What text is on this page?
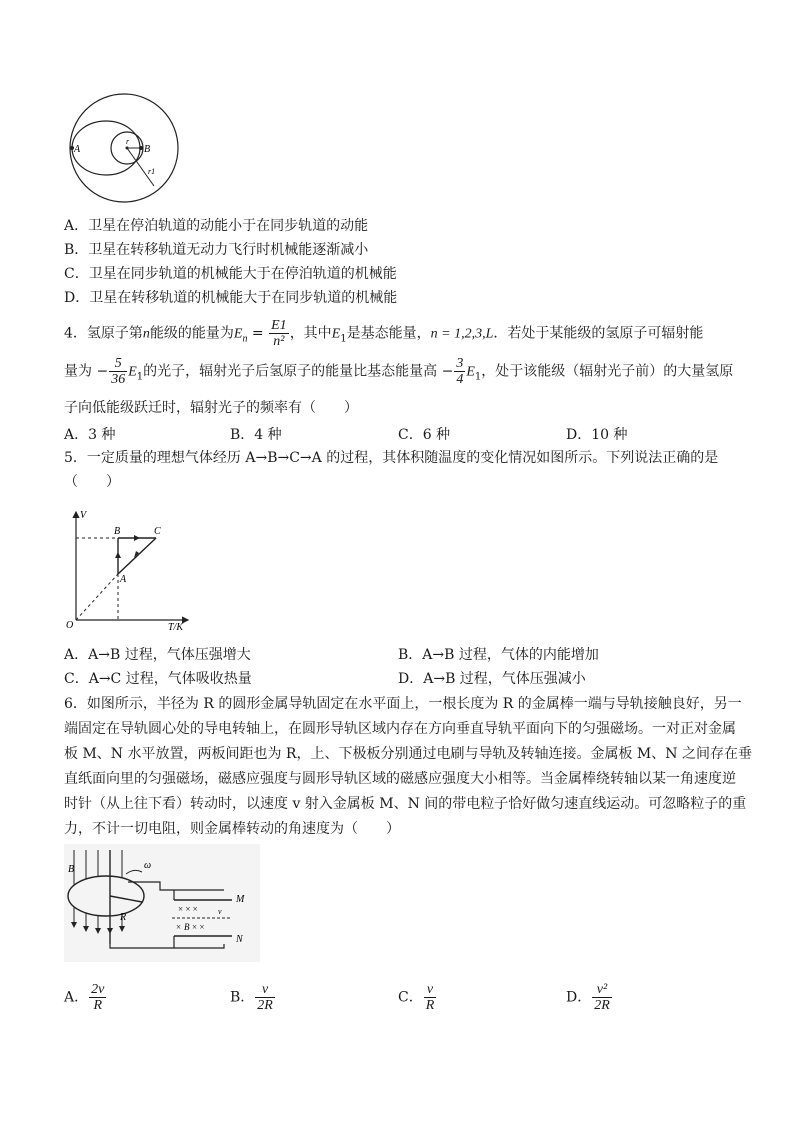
A	B
r
r1
A．卫星在停泊轨道的动能小于在同步轨道的动能
B．卫星在转移轨道无动力飞行时机械能逐渐减小
C．卫星在同步轨道的机械能大于在停泊轨道的机械能
D．卫星在转移轨道的机械能大于在同步轨道的机械能
4．氢原子第n能级的能量为$E_n = \frac{E1}{\text{n²}}$ ，其中$E_1$是基态能量，n = 1,2,3,L．若处于某能级的氢原子可辐射能
量为 − $\frac{5}{36} E_1$的光子，辐射光子后氢原子的能量比基态能量高 − $\frac{3}{4} E_1$，处于该能级（辐射光子前）的大量氢原
子向低能级跃迁时，辐射光子的频率有（　　）
A．3 种	B．4 种	C．6 种	D．10 种
5．一定质量的理想气体经历 A→B→C→A 的过程，其体积随温度的变化情况如图所示。下列说法正确的是
（　　）
V
T/K
O
A
B	C
A．A→B 过程，气体压强增大	B．A→B 过程，气体的内能增加
C．A→C 过程，气体吸收热量	D．A→B 过程，气体压强减小
6．如图所示，半径为 R 的圆形金属导轨固定在水平面上，一根长度为 R 的金属棒一端与导轨接触良好，另一
端固定在导轨圆心处的导电转轴上，在圆形导轨区域内存在方向垂直导轨平面向下的匀强磁场。一对正对金属
板 M、N 水平放置，两板间距也为 R，上、下极板分别通过电刷与导轨及转轴连接。金属板 M、N 之间存在垂
直纸面向里的匀强磁场，磁感应强度与圆形导轨区域的磁感应强度大小相等。当金属棒绕转轴以某一角速度逆
时针（从上往下看）转动时，以速度 v 射入金属板 M、N 间的带电粒子恰好做匀速直线运动。可忽略粒子的重
力，不计一切电阻，则金属棒转动的角速度为（　　）
B	ω
R
M
N
× × ×	v
× B × ×
A． $\frac{2v}{R}$	B． $\frac{v}{2R}$	C． $\frac{v}{R}$	D． $\frac{\text{v²}}{2R}$
